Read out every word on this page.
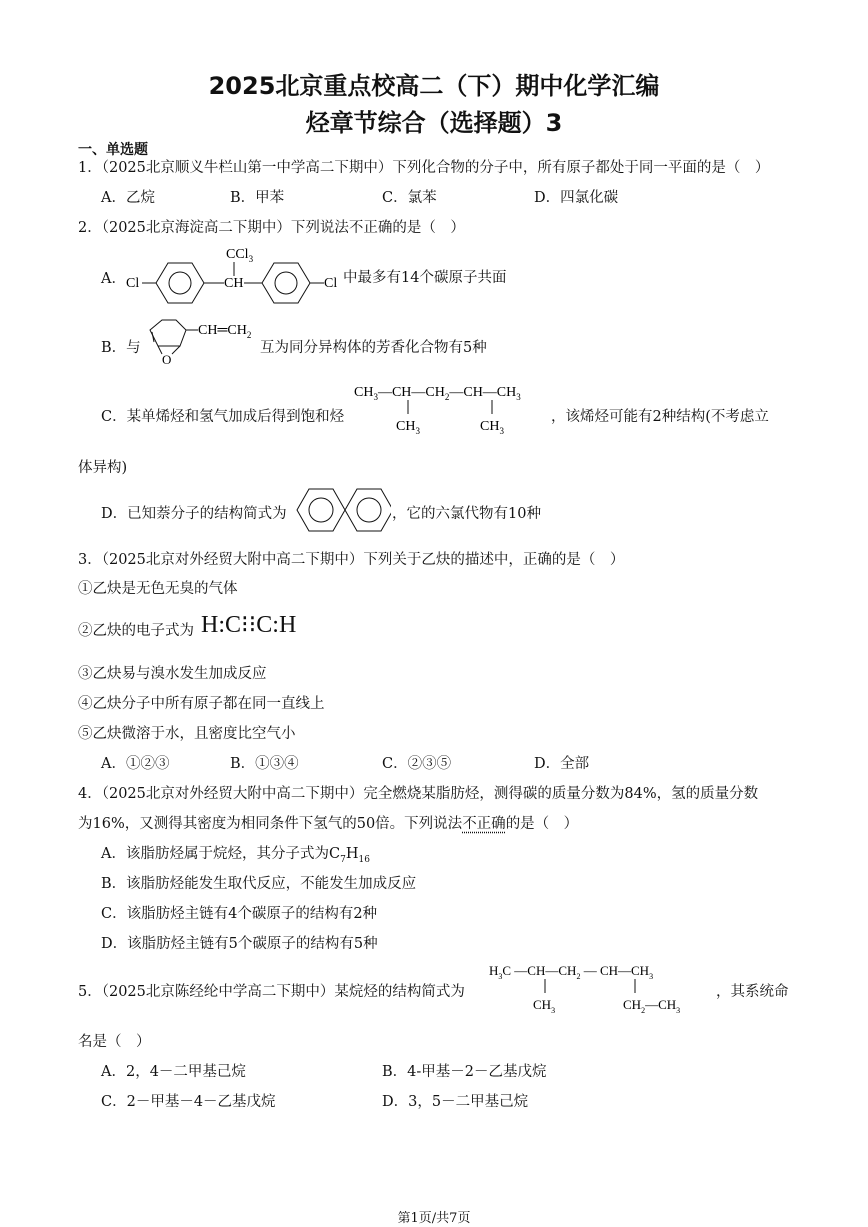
2025北京重点校高二（下）期中化学汇编
烃章节综合（选择题）3
一、单选题
1．（2025北京顺义牛栏山第一中学高二下期中）下列化合物的分子中，所有原子都处于同一平面的是（　）
A．乙烷	B．甲苯	C．氯苯	D．四氯化碳
2．（2025北京海淀高二下期中）下列说法不正确的是（　）
A．
CCl$_3$
Cl	CH	Cl 中最多有14个碳原子共面
B．与
O
$CH═CH_2$
互为同分异构体的芳香化合物有5种
C．某单烯烃和氢气加成后得到饱和烃
$CH_3—CH—CH_2—CH—CH_3$
$CH_3$	$CH_3$
，该烯烃可能有2种结构(不考虑立
体异构)
D．已知萘分子的结构简式为	，它的六氯代物有10种
3．（2025北京对外经贸大附中高二下期中）下列关于乙炔的描述中，正确的是（　）
①乙炔是无色无臭的气体
②乙炔的电子式为 H:C⁝⁝C:H
③乙炔易与溴水发生加成反应
④乙炔分子中所有原子都在同一直线上
⑤乙炔微溶于水，且密度比空气小
A．①②③	B．①③④	C．②③⑤	D．全部
4．（2025北京对外经贸大附中高二下期中）完全燃烧某脂肪烃，测得碳的质量分数为84%，氢的质量分数
为16%，又测得其密度为相同条件下氢气的50倍。下列说法不正确的是（　）
A．该脂肪烃属于烷烃，其分子式为$C_7H_{16}$
B．该脂肪烃能发生取代反应，不能发生加成反应
C．该脂肪烃主链有4个碳原子的结构有2种
D．该脂肪烃主链有5个碳原子的结构有5种
5．（2025北京陈经纶中学高二下期中）某烷烃的结构简式为
$H_3C$ $—CH—CH_2$ — $CH—CH_3$
$CH_3$	$CH_2—CH_3$
，其系统命
名是（　）
A．2，4－二甲基己烷	B．4-甲基－2－乙基戊烷
C．2－甲基－4－乙基戊烷	D．3，5－二甲基己烷
第1页/共7页
